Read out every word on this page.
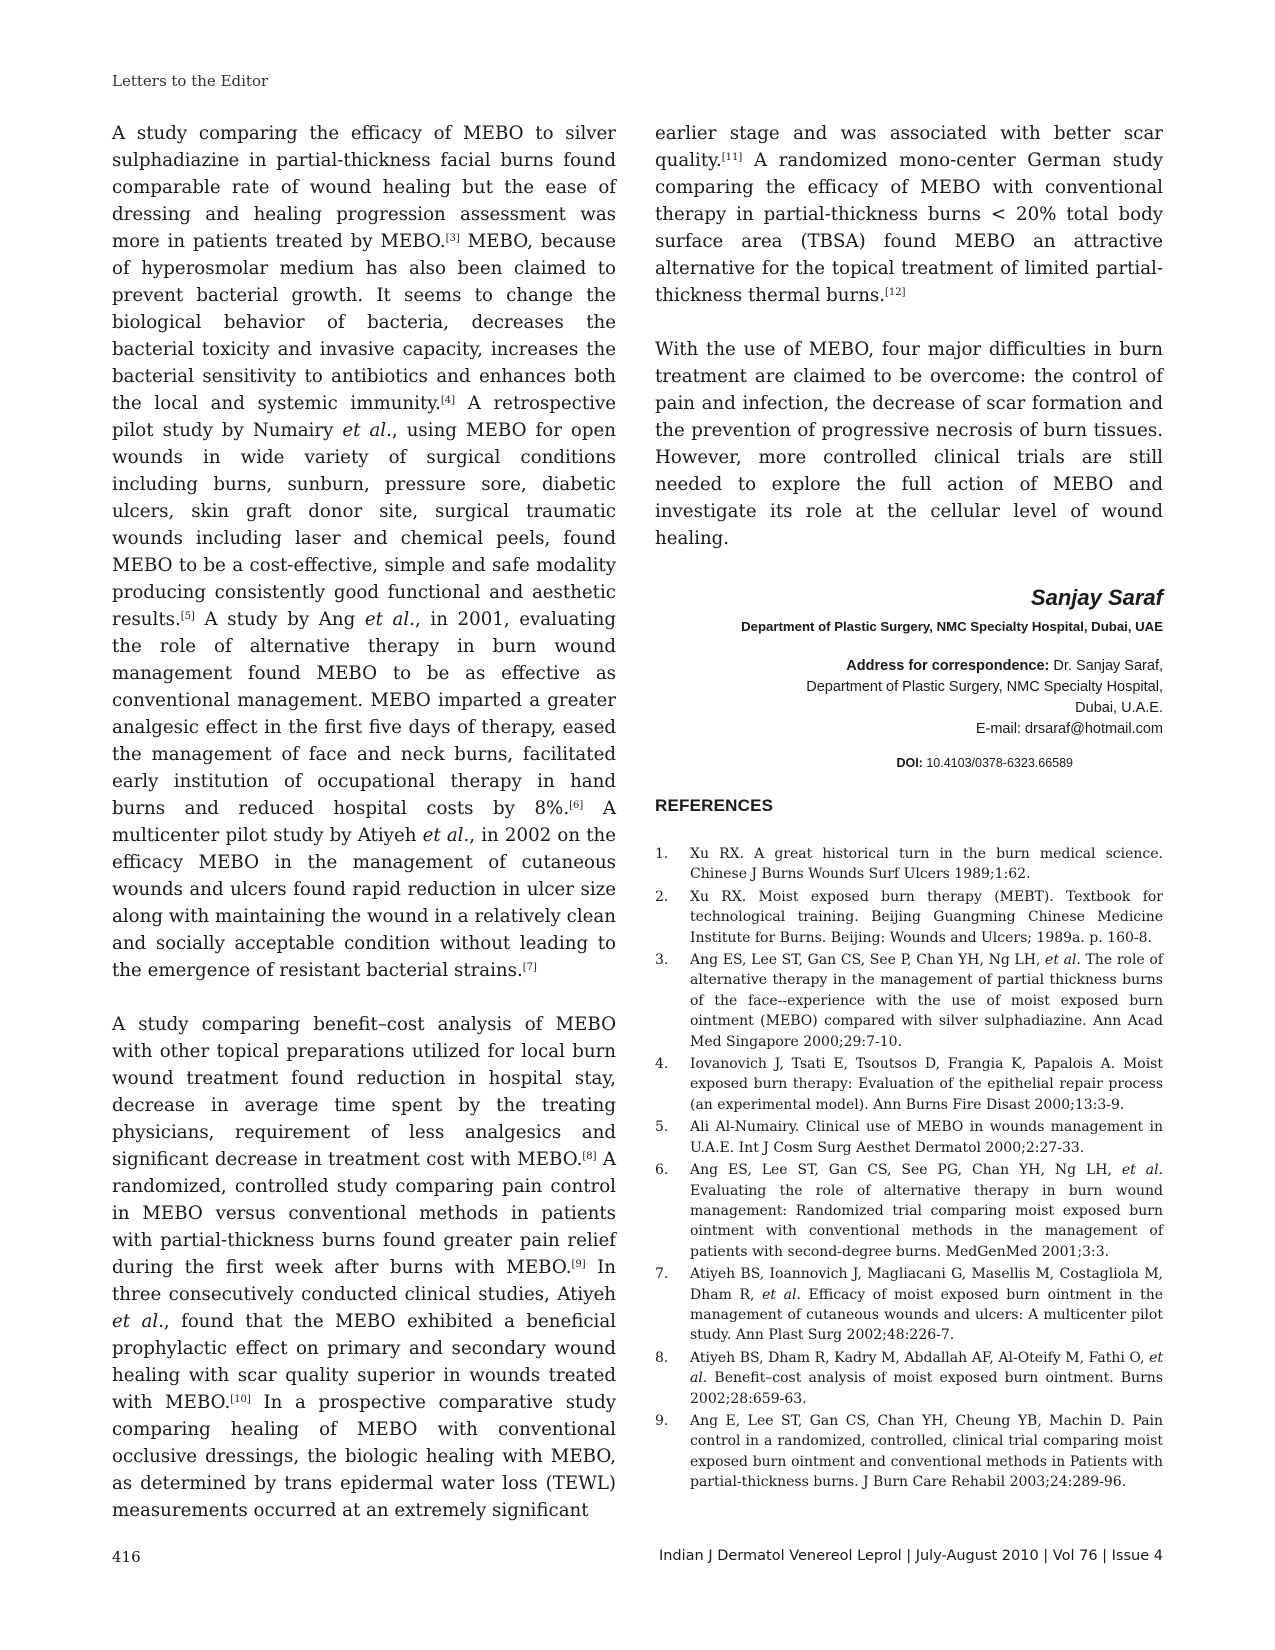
Letters to the Editor

A study comparing the efficacy of MEBO to silver sulphadiazine in partial-thickness facial burns found comparable rate of wound healing but the ease of dressing and healing progression assessment was more in patients treated by MEBO.[3] MEBO, because of hyperosmolar medium has also been claimed to prevent bacterial growth. It seems to change the biological behavior of bacteria, decreases the bacterial toxicity and invasive capacity, increases the bacterial sensitivity to antibiotics and enhances both the local and systemic immunity.[4] A retrospective pilot study by Numairy et al., using MEBO for open wounds in wide variety of surgical conditions including burns, sunburn, pressure sore, diabetic ulcers, skin graft donor site, surgical traumatic wounds including laser and chemical peels, found MEBO to be a cost-effective, simple and safe modality producing consistently good functional and aesthetic results.[5] A study by Ang et al., in 2001, evaluating the role of alternative therapy in burn wound management found MEBO to be as effective as conventional management. MEBO imparted a greater analgesic effect in the first five days of therapy, eased the management of face and neck burns, facilitated early institution of occupational therapy in hand burns and reduced hospital costs by 8%.[6] A multicenter pilot study by Atiyeh et al., in 2002 on the efficacy MEBO in the management of cutaneous wounds and ulcers found rapid reduction in ulcer size along with maintaining the wound in a relatively clean and socially acceptable condition without leading to the emergence of resistant bacterial strains.[7]

A study comparing benefit–cost analysis of MEBO with other topical preparations utilized for local burn wound treatment found reduction in hospital stay, decrease in average time spent by the treating physicians, requirement of less analgesics and significant decrease in treatment cost with MEBO.[8] A randomized, controlled study comparing pain control in MEBO versus conventional methods in patients with partial-thickness burns found greater pain relief during the first week after burns with MEBO.[9] In three consecutively conducted clinical studies, Atiyeh et al., found that the MEBO exhibited a beneficial prophylactic effect on primary and secondary wound healing with scar quality superior in wounds treated with MEBO.[10] In a prospective comparative study comparing healing of MEBO with conventional occlusive dressings, the biologic healing with MEBO, as determined by trans epidermal water loss (TEWL) measurements occurred at an extremely significant

earlier stage and was associated with better scar quality.[11] A randomized mono-center German study comparing the efficacy of MEBO with conventional therapy in partial-thickness burns < 20% total body surface area (TBSA) found MEBO an attractive alternative for the topical treatment of limited partial-thickness thermal burns.[12]

With the use of MEBO, four major difficulties in burn treatment are claimed to be overcome: the control of pain and infection, the decrease of scar formation and the prevention of progressive necrosis of burn tissues. However, more controlled clinical trials are still needed to explore the full action of MEBO and investigate its role at the cellular level of wound healing.

Sanjay Saraf

Department of Plastic Surgery, NMC Specialty Hospital, Dubai, UAE

Address for correspondence: Dr. Sanjay Saraf,
Department of Plastic Surgery, NMC Specialty Hospital,
Dubai, U.A.E.
E-mail: drsaraf@hotmail.com

DOI: 10.4103/0378-6323.66589

REFERENCES
1. Xu RX. A great historical turn in the burn medical science. Chinese J Burns Wounds Surf Ulcers 1989;1:62.
2. Xu RX. Moist exposed burn therapy (MEBT). Textbook for technological training. Beijing Guangming Chinese Medicine Institute for Burns. Beijing: Wounds and Ulcers; 1989a. p. 160-8.
3. Ang ES, Lee ST, Gan CS, See P, Chan YH, Ng LH, et al. The role of alternative therapy in the management of partial thickness burns of the face--experience with the use of moist exposed burn ointment (MEBO) compared with silver sulphadiazine. Ann Acad Med Singapore 2000;29:7-10.
4. Iovanovich J, Tsati E, Tsoutsos D, Frangia K, Papalois A. Moist exposed burn therapy: Evaluation of the epithelial repair process (an experimental model). Ann Burns Fire Disast 2000;13:3-9.
5. Ali Al-Numairy. Clinical use of MEBO in wounds management in U.A.E. Int J Cosm Surg Aesthet Dermatol 2000;2:27-33.
6. Ang ES, Lee ST, Gan CS, See PG, Chan YH, Ng LH, et al. Evaluating the role of alternative therapy in burn wound management: Randomized trial comparing moist exposed burn ointment with conventional methods in the management of patients with second-degree burns. MedGenMed 2001;3:3.
7. Atiyeh BS, Ioannovich J, Magliacani G, Masellis M, Costagliola M, Dham R, et al. Efficacy of moist exposed burn ointment in the management of cutaneous wounds and ulcers: A multicenter pilot study. Ann Plast Surg 2002;48:226-7.
8. Atiyeh BS, Dham R, Kadry M, Abdallah AF, Al-Oteify M, Fathi O, et al. Benefit–cost analysis of moist exposed burn ointment. Burns 2002;28:659-63.
9. Ang E, Lee ST, Gan CS, Chan YH, Cheung YB, Machin D. Pain control in a randomized, controlled, clinical trial comparing moist exposed burn ointment and conventional methods in Patients with partial-thickness burns. J Burn Care Rehabil 2003;24:289-96.
416	Indian J Dermatol Venereol Leprol | July-August 2010 | Vol 76 | Issue 4
